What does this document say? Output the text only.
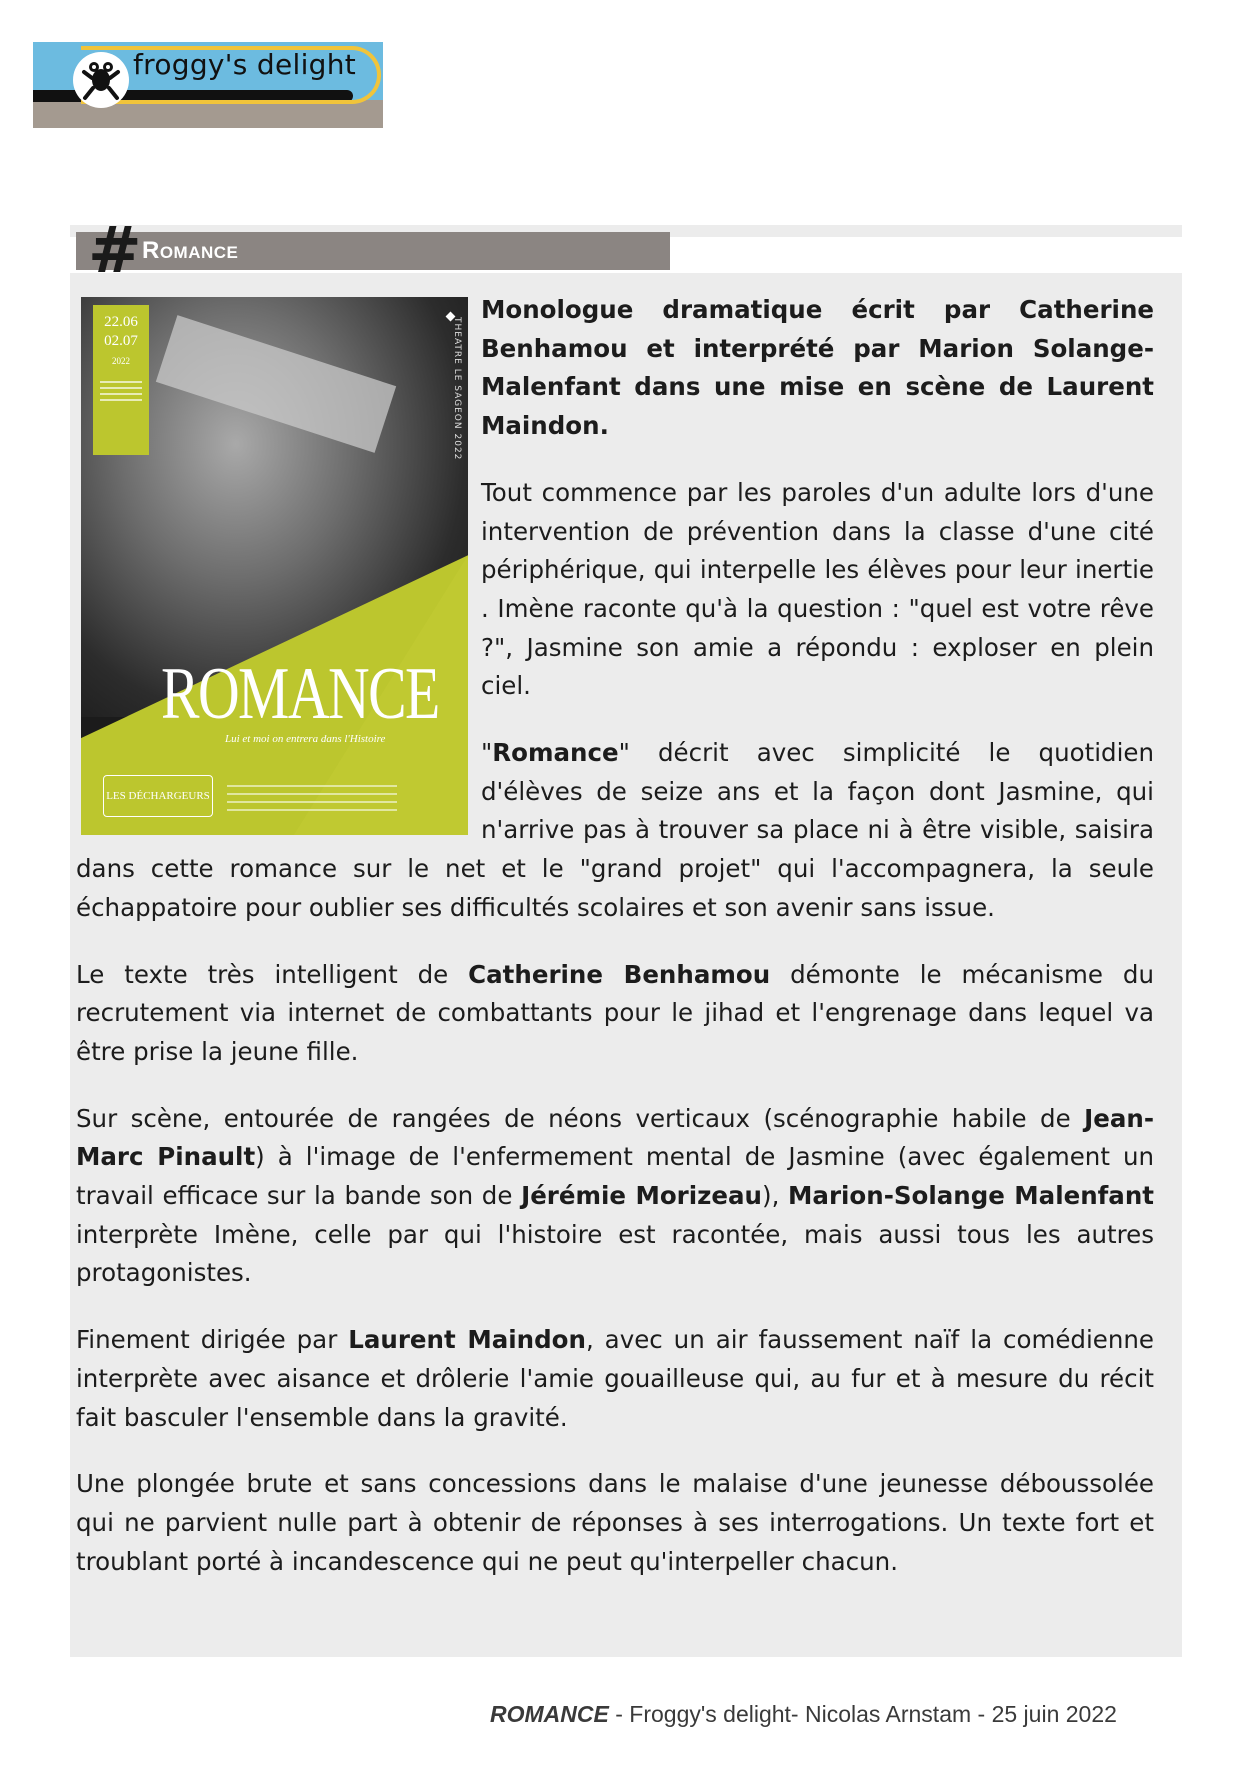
froggy's delight
# Romance
22.06
02.07
2022	THEATRE LE SAGEON 2022
ROMANCE
Lui et moi on entrera dans l'Histoire
LES DÉCHARGEURS

Monologue dramatique écrit par Catherine Benhamou et interprété par Marion Solange-Malenfant dans une mise en scène de Laurent Maindon.

Tout commence par les paroles d'un adulte lors d'une intervention de prévention dans la classe d'une cité périphérique, qui interpelle les élèves pour leur inertie . Imène raconte qu'à la question : "quel est votre rêve ?", Jasmine son amie a répondu : exploser en plein ciel.

"Romance" décrit avec simplicité le quotidien d'élèves de seize ans et la façon dont Jasmine, qui n'arrive pas à trouver sa place ni à être visible, saisira dans cette romance sur le net et le "grand projet" qui l'accompagnera, la seule échappatoire pour oublier ses difficultés scolaires et son avenir sans issue.

Le texte très intelligent de Catherine Benhamou démonte le mécanisme du recrutement via internet de combattants pour le jihad et l'engrenage dans lequel va être prise la jeune fille.

Sur scène, entourée de rangées de néons verticaux (scénographie habile de Jean-Marc Pinault) à l'image de l'enfermement mental de Jasmine (avec également un travail efficace sur la bande son de Jérémie Morizeau), Marion-Solange Malenfant interprète Imène, celle par qui l'histoire est racontée, mais aussi tous les autres protagonistes.

Finement dirigée par Laurent Maindon, avec un air faussement naïf la comédienne interprète avec aisance et drôlerie l'amie gouailleuse qui, au fur et à mesure du récit fait basculer l'ensemble dans la gravité.

Une plongée brute et sans concessions dans le malaise d'une jeunesse déboussolée qui ne parvient nulle part à obtenir de réponses à ses interrogations. Un texte fort et troublant porté à incandescence qui ne peut qu'interpeller chacun.

ROMANCE - Froggy's delight- Nicolas Arnstam - 25 juin 2022
